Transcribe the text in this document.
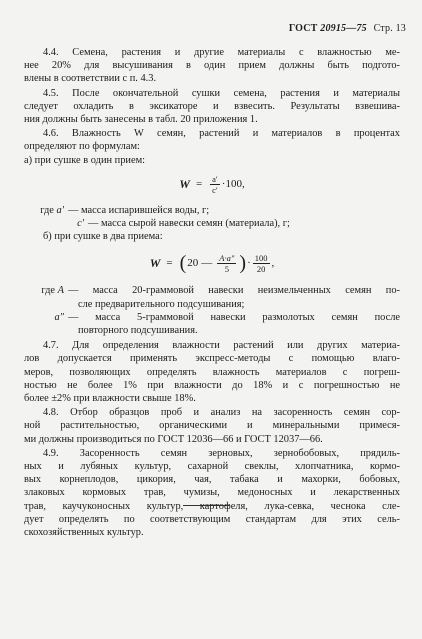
ГОСТ 20915—75 Стр. 13

4.4. Семена, растения и другие материалы с влажностью ме-
нее 20% для высушивания в один прием должны быть подгото-
влены в соответствии с п. 4.3.

4.5. После окончательной сушки семена, растения и материалы
следует охладить в эксикаторе и взвесить. Результаты взвешива-
ния должны быть занесены в табл. 20 приложения 1.

4.6. Влажность W семян, растений и материалов в процентах
определяют по формулам:
а) при сушке в один прием:

$W = \frac{a'}{c'} \cdot 100$,
где a′ — масса испарившейся воды, г;
c′ — масса сырой навески семян (материала), г;
б) при сушке в два приема:
W = ( 20 — $\frac{A\cdot a''}{5}$ ) · $\frac{100}{20}$ ,
где A — масса 20-граммовой навески неизмельченных семян по-
сле предварительного подсушивания;
a″ — масса 5-граммовой навески размолотых семян после
повторного подсушивания.

4.7. Для определения влажности растений или других материа-
лов допускается применять экспресс-методы с помощью влаго-
меров, позволяющих определять влажность материалов с погреш-
ностью не более 1% при влажности до 18% и с погрешностью не
более ±2% при влажности свыше 18%.

4.8. Отбор образцов проб и анализ на засоренность семян сор-
ной растительностью, органическими и минеральными примеся-
ми должны производиться по ГОСТ 12036—66 и ГОСТ 12037—66.

4.9. Засоренность семян зерновых, зернобобовых, прядиль-
ных и лубяных культур, сахарной свеклы, хлопчатника, кормо-
вых корнеплодов, цикория, чая, табака и махорки, бобовых,
злаковых кормовых трав, чумизы, медоносных и лекарственных
трав, каучуконосных культур, картофеля, лука-севка, чеснока сле-
дует определять по соответствующим стандартам для этих сель-
скохозяйственных культур.
